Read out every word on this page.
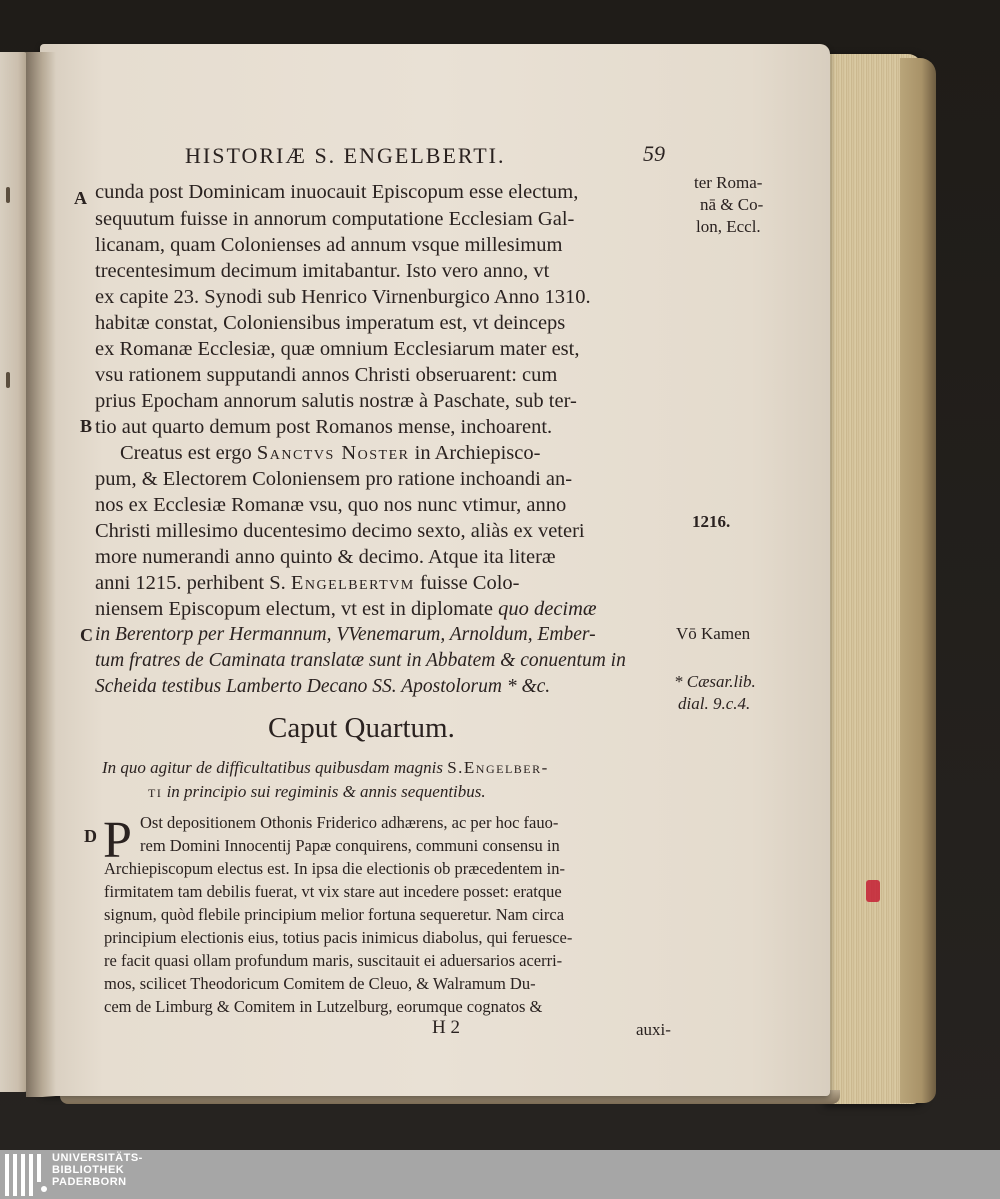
HISTORIÆ S. ENGELBERTI.	59
A
B
C
D
ter Roma-
nā & Co-
lon, Eccl.
1216.
Vō Kamen
* Cæsar.lib.
dial. 9.c.4.
cunda post Dominicam inuocauit Episcopum esse electum,
sequutum fuisse in annorum computatione Ecclesiam Gal-
licanam, quam Colonienses ad annum vsque millesimum
trecentesimum decimum imitabantur. Isto vero anno, vt
ex capite 23. Synodi sub Henrico Virnenburgico Anno 1310.
habitæ constat, Coloniensibus imperatum est, vt deinceps
ex Romanæ Ecclesiæ, quæ omnium Ecclesiarum mater est,
vsu rationem supputandi annos Christi obseruarent: cum
prius Epocham annorum salutis nostræ à Paschate, sub ter-
tio aut quarto demum post Romanos mense, inchoarent.
Creatus est ergo Sanctvs Noster in Archiepisco-
pum, & Electorem Coloniensem pro ratione inchoandi an-
nos ex Ecclesiæ Romanæ vsu, quo nos nunc vtimur, anno
Christi millesimo ducentesimo decimo sexto, aliàs ex veteri
more numerandi anno quinto & decimo. Atque ita literæ
anni 1215. perhibent S. Engelbertvm fuisse Colo-
niensem Episcopum electum, vt est in diplomate quo decimæ
in Berentorp per Hermannum, VVenemarum, Arnoldum, Ember-
tum fratres de Caminata translatæ sunt in Abbatem & conuentum in
Scheida testibus Lamberto Decano SS. Apostolorum * &c.
Caput Quartum.
In quo agitur de difficultatibus quibusdam magnis S.Engelber-
ti in principio sui regiminis & annis sequentibus.
P Ost depositionem Othonis Friderico adhærens, ac per hoc fauo-
rem Domini Innocentij Papæ conquirens, communi consensu in
Archiepiscopum electus est. In ipsa die electionis ob præcedentem in-
firmitatem tam debilis fuerat, vt vix stare aut incedere posset: eratque
signum, quòd flebile principium melior fortuna sequeretur. Nam circa
principium electionis eius, totius pacis inimicus diabolus, qui feruesce-
re facit quasi ollam profundum maris, suscitauit ei aduersarios acerri-
mos, scilicet Theodoricum Comitem de Cleuo, & Walramum Du-
cem de Limburg & Comitem in Lutzelburg, eorumque cognatos &
H 2	auxi-
UNIVERSITÄTS-
BIBLIOTHEK
PADERBORN
